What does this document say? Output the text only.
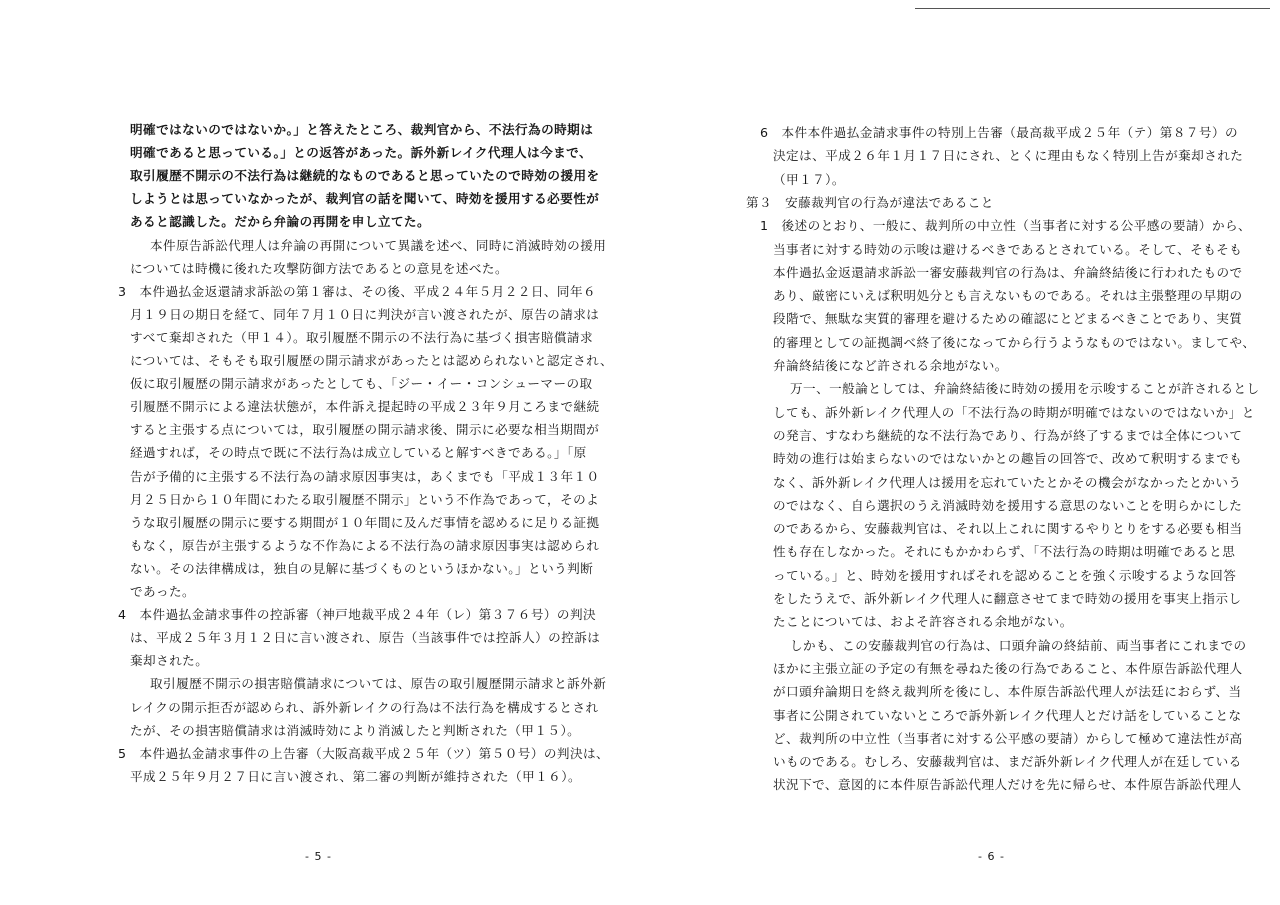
明確ではないのではないか。」と答えたところ、裁判官から、不法行為の時期は
明確であると思っている。」との返答があった。訴外新レイク代理人は今まで、
取引履歴不開示の不法行為は継続的なものであると思っていたので時効の援用を
しようとは思っていなかったが、裁判官の話を聞いて、時効を援用する必要性が
あると認識した。だから弁論の再開を申し立てた。
本件原告訴訟代理人は弁論の再開について異議を述べ、同時に消滅時効の援用
については時機に後れた攻撃防御方法であるとの意見を述べた。
3　本件過払金返還請求訴訟の第１審は、その後、平成２４年５月２２日、同年６
月１９日の期日を経て、同年７月１０日に判決が言い渡されたが、原告の請求は
すべて棄却された（甲１４）。取引履歴不開示の不法行為に基づく損害賠償請求
については、そもそも取引履歴の開示請求があったとは認められないと認定され、
仮に取引履歴の開示請求があったとしても、「ジー・イー・コンシューマーの取
引履歴不開示による違法状態が，本件訴え提起時の平成２３年９月ころまで継続
すると主張する点については，取引履歴の開示請求後、開示に必要な相当期間が
経過すれば，その時点で既に不法行為は成立していると解すべきである。」「原
告が予備的に主張する不法行為の請求原因事実は，あくまでも「平成１３年１０
月２５日から１０年間にわたる取引履歴不開示」という不作為であって，そのよ
うな取引履歴の開示に要する期間が１０年間に及んだ事情を認めるに足りる証拠
もなく，原告が主張するような不作為による不法行為の請求原因事実は認められ
ない。その法律構成は，独自の見解に基づくものというほかない。」という判断
であった。
4　本件過払金請求事件の控訴審（神戸地裁平成２４年（レ）第３７６号）の判決
は、平成２５年３月１２日に言い渡され、原告（当該事件では控訴人）の控訴は
棄却された。
取引履歴不開示の損害賠償請求については、原告の取引履歴開示請求と訴外新
レイクの開示拒否が認められ、訴外新レイクの行為は不法行為を構成するとされ
たが、その損害賠償請求は消滅時効により消滅したと判断された（甲１５）。
5　本件過払金請求事件の上告審（大阪高裁平成２５年（ツ）第５０号）の判決は、
平成２５年９月２７日に言い渡され、第二審の判断が維持された（甲１６）。
- 5 -
6　本件本件過払金請求事件の特別上告審（最高裁平成２５年（テ）第８７号）の
決定は、平成２６年１月１７日にされ、とくに理由もなく特別上告が棄却された
（甲１７）。
第３　安藤裁判官の行為が違法であること
1　後述のとおり、一般に、裁判所の中立性（当事者に対する公平感の要請）から、
当事者に対する時効の示唆は避けるべきであるとされている。そして、そもそも
本件過払金返還請求訴訟一審安藤裁判官の行為は、弁論終結後に行われたもので
あり、厳密にいえば釈明処分とも言えないものである。それは主張整理の早期の
段階で、無駄な実質的審理を避けるための確認にとどまるべきことであり、実質
的審理としての証拠調べ終了後になってから行うようなものではない。ましてや、
弁論終結後になど許される余地がない。
万一、一般論としては、弁論終結後に時効の援用を示唆することが許されるとし
しても、訴外新レイク代理人の「不法行為の時期が明確ではないのではないか」と
の発言、すなわち継続的な不法行為であり、行為が終了するまでは全体について
時効の進行は始まらないのではないかとの趣旨の回答で、改めて釈明するまでも
なく、訴外新レイク代理人は援用を忘れていたとかその機会がなかったとかいう
のではなく、自ら選択のうえ消滅時効を援用する意思のないことを明らかにした
のであるから、安藤裁判官は、それ以上これに関するやりとりをする必要も相当
性も存在しなかった。それにもかかわらず、「不法行為の時期は明確であると思
っている。」と、時効を援用すればそれを認めることを強く示唆するような回答
をしたうえで、訴外新レイク代理人に翻意させてまで時効の援用を事実上指示し
たことについては、およそ許容される余地がない。
しかも、この安藤裁判官の行為は、口頭弁論の終結前、両当事者にこれまでの
ほかに主張立証の予定の有無を尋ねた後の行為であること、本件原告訴訟代理人
が口頭弁論期日を終え裁判所を後にし、本件原告訴訟代理人が法廷におらず、当
事者に公開されていないところで訴外新レイク代理人とだけ話をしていることな
ど、裁判所の中立性（当事者に対する公平感の要請）からして極めて違法性が高
いものである。むしろ、安藤裁判官は、まだ訴外新レイク代理人が在廷している
状況下で、意図的に本件原告訴訟代理人だけを先に帰らせ、本件原告訴訟代理人
- 6 -
